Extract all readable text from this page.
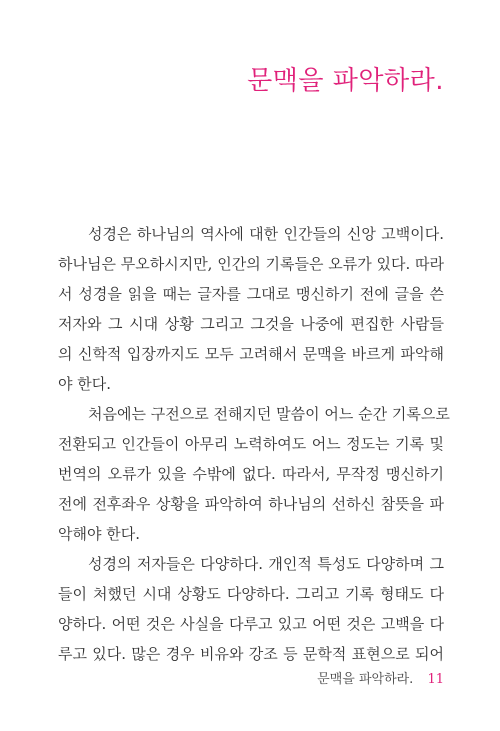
문맥을 파악하라.

성경은 하나님의 역사에 대한 인간들의 신앙 고백이다.
하나님은 무오하시지만, 인간의 기록들은 오류가 있다. 따라
서 성경을 읽을 때는 글자를 그대로 맹신하기 전에 글을 쓴
저자와 그 시대 상황 그리고 그것을 나중에 편집한 사람들
의 신학적 입장까지도 모두 고려해서 문맥을 바르게 파악해
야 한다.

처음에는 구전으로 전해지던 말씀이 어느 순간 기록으로
전환되고 인간들이 아무리 노력하여도 어느 정도는 기록 및
번역의 오류가 있을 수밖에 없다. 따라서, 무작정 맹신하기
전에 전후좌우 상황을 파악하여 하나님의 선하신 참뜻을 파
악해야 한다.

성경의 저자들은 다양하다. 개인적 특성도 다양하며 그
들이 처했던 시대 상황도 다양하다. 그리고 기록 형태도 다
양하다. 어떤 것은 사실을 다루고 있고 어떤 것은 고백을 다
루고 있다. 많은 경우 비유와 강조 등 문학적 표현으로 되어

문맥을 파악하라. 11
